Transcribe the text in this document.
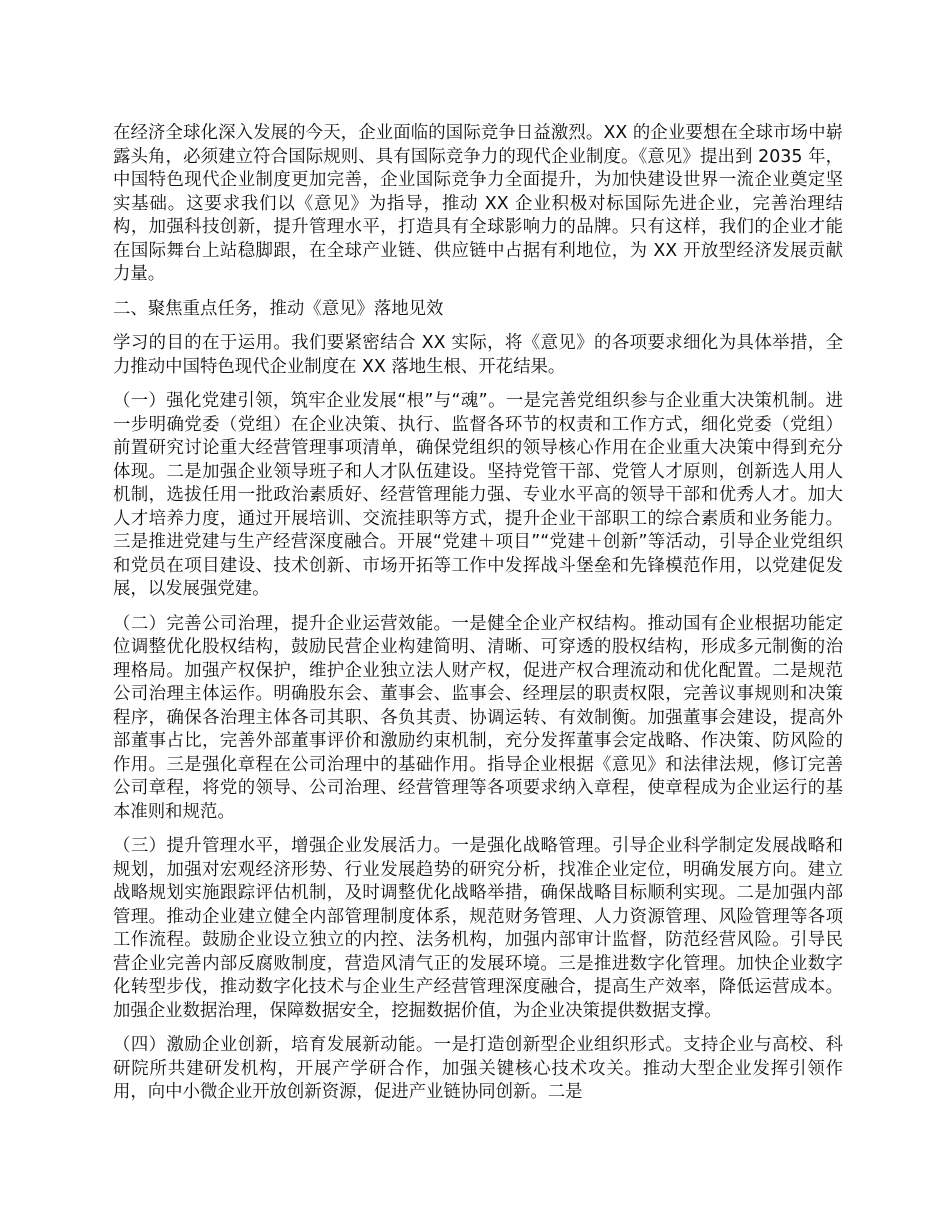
在经济全球化深入发展的今天，企业面临的国际竞争日益激烈。XX 的企业要想在全球市场中崭露头角，必须建立符合国际规则、具有国际竞争力的现代企业制度。《意见》提出到 2035 年，中国特色现代企业制度更加完善，企业国际竞争力全面提升，为加快建设世界一流企业奠定坚实基础。这要求我们以《意见》为指导，推动 XX 企业积极对标国际先进企业，完善治理结构，加强科技创新，提升管理水平，打造具有全球影响力的品牌。只有这样，我们的企业才能在国际舞台上站稳脚跟，在全球产业链、供应链中占据有利地位，为 XX 开放型经济发展贡献力量。

二、聚焦重点任务，推动《意见》落地见效

学习的目的在于运用。我们要紧密结合 XX 实际，将《意见》的各项要求细化为具体举措，全力推动中国特色现代企业制度在 XX 落地生根、开花结果。

（一）强化党建引领，筑牢企业发展“根”与“魂”。一是完善党组织参与企业重大决策机制。进一步明确党委（党组）在企业决策、执行、监督各环节的权责和工作方式，细化党委（党组）前置研究讨论重大经营管理事项清单，确保党组织的领导核心作用在企业重大决策中得到充分体现。二是加强企业领导班子和人才队伍建设。坚持党管干部、党管人才原则，创新选人用人机制，选拔任用一批政治素质好、经营管理能力强、专业水平高的领导干部和优秀人才。加大人才培养力度，通过开展培训、交流挂职等方式，提升企业干部职工的综合素质和业务能力。三是推进党建与生产经营深度融合。开展“党建＋项目”“党建＋创新”等活动，引导企业党组织和党员在项目建设、技术创新、市场开拓等工作中发挥战斗堡垒和先锋模范作用，以党建促发展，以发展强党建。

（二）完善公司治理，提升企业运营效能。一是健全企业产权结构。推动国有企业根据功能定位调整优化股权结构，鼓励民营企业构建简明、清晰、可穿透的股权结构，形成多元制衡的治理格局。加强产权保护，维护企业独立法人财产权，促进产权合理流动和优化配置。二是规范公司治理主体运作。明确股东会、董事会、监事会、经理层的职责权限，完善议事规则和决策程序，确保各治理主体各司其职、各负其责、协调运转、有效制衡。加强董事会建设，提高外部董事占比，完善外部董事评价和激励约束机制，充分发挥董事会定战略、作决策、防风险的作用。三是强化章程在公司治理中的基础作用。指导企业根据《意见》和法律法规，修订完善公司章程，将党的领导、公司治理、经营管理等各项要求纳入章程，使章程成为企业运行的基本准则和规范。

（三）提升管理水平，增强企业发展活力。一是强化战略管理。引导企业科学制定发展战略和规划，加强对宏观经济形势、行业发展趋势的研究分析，找准企业定位，明确发展方向。建立战略规划实施跟踪评估机制，及时调整优化战略举措，确保战略目标顺利实现。二是加强内部管理。推动企业建立健全内部管理制度体系，规范财务管理、人力资源管理、风险管理等各项工作流程。鼓励企业设立独立的内控、法务机构，加强内部审计监督，防范经营风险。引导民营企业完善内部反腐败制度，营造风清气正的发展环境。三是推进数字化管理。加快企业数字化转型步伐，推动数字化技术与企业生产经营管理深度融合，提高生产效率，降低运营成本。加强企业数据治理，保障数据安全，挖掘数据价值，为企业决策提供数据支撑。

（四）激励企业创新，培育发展新动能。一是打造创新型企业组织形式。支持企业与高校、科研院所共建研发机构，开展产学研合作，加强关键核心技术攻关。推动大型企业发挥引领作用，向中小微企业开放创新资源，促进产业链协同创新。二是
